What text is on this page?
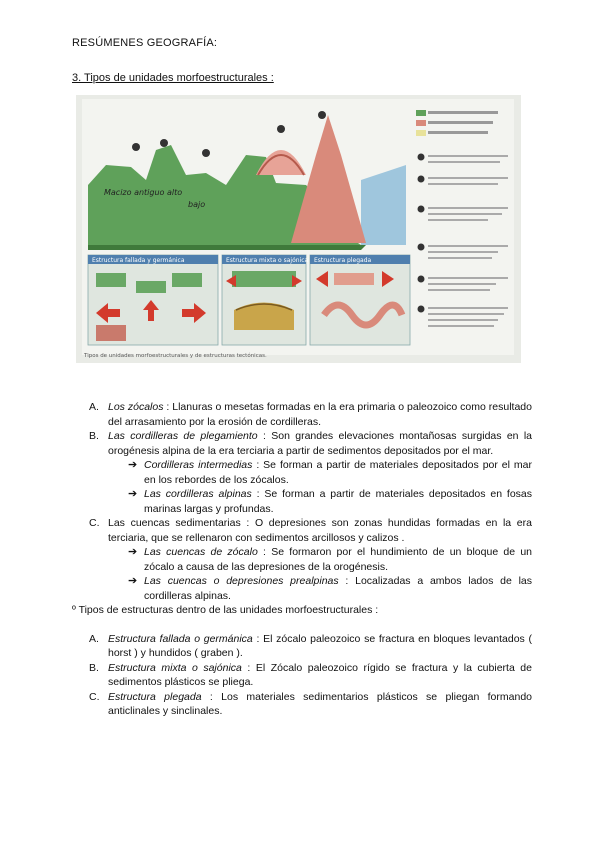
RESÚMENES GEOGRAFÍA:
3. Tipos de unidades morfoestructurales :
Macizo antiguo alto
bajo
Estructura fallada y germánica	Estructura mixta o sajónica Estructura plegada
Tipos de unidades morfoestructurales y de estructuras tectónicas.
A. Los zócalos : Llanuras o mesetas formadas en la era primaria o paleozoico como resultado del arrasamiento por la erosión de cordilleras.
B. Las cordilleras de plegamiento : Son grandes elevaciones montañosas surgidas en la orogénesis alpina de la era terciaria a partir de sedimentos depositados por el mar.
➔ Cordilleras intermedias : Se forman a partir de materiales depositados por el mar en los rebordes de los zócalos.
➔ Las cordilleras alpinas : Se forman a partir de materiales depositados en fosas marinas largas y profundas.
C. Las cuencas sedimentarias : O depresiones son zonas hundidas formadas en la era terciaria, que se rellenaron con sedimentos arcillosos y calizos .
➔ Las cuencas de zócalo : Se formaron por el hundimiento de un bloque de un zócalo a causa de las depresiones de la orogénesis.
➔ Las cuencas o depresiones prealpinas : Localizadas a ambos lados de las cordilleras alpinas.
º Tipos de estructuras dentro de las unidades morfoestructurales :
A. Estructura fallada o germánica : El zócalo paleozoico se fractura en bloques levantados ( horst ) y hundidos ( graben ).
B. Estructura mixta o sajónica : El Zócalo paleozoico rígido se fractura y la cubierta de sedimentos plásticos se pliega.
C. Estructura plegada : Los materiales sedimentarios plásticos se pliegan formando anticlinales y sinclinales.
